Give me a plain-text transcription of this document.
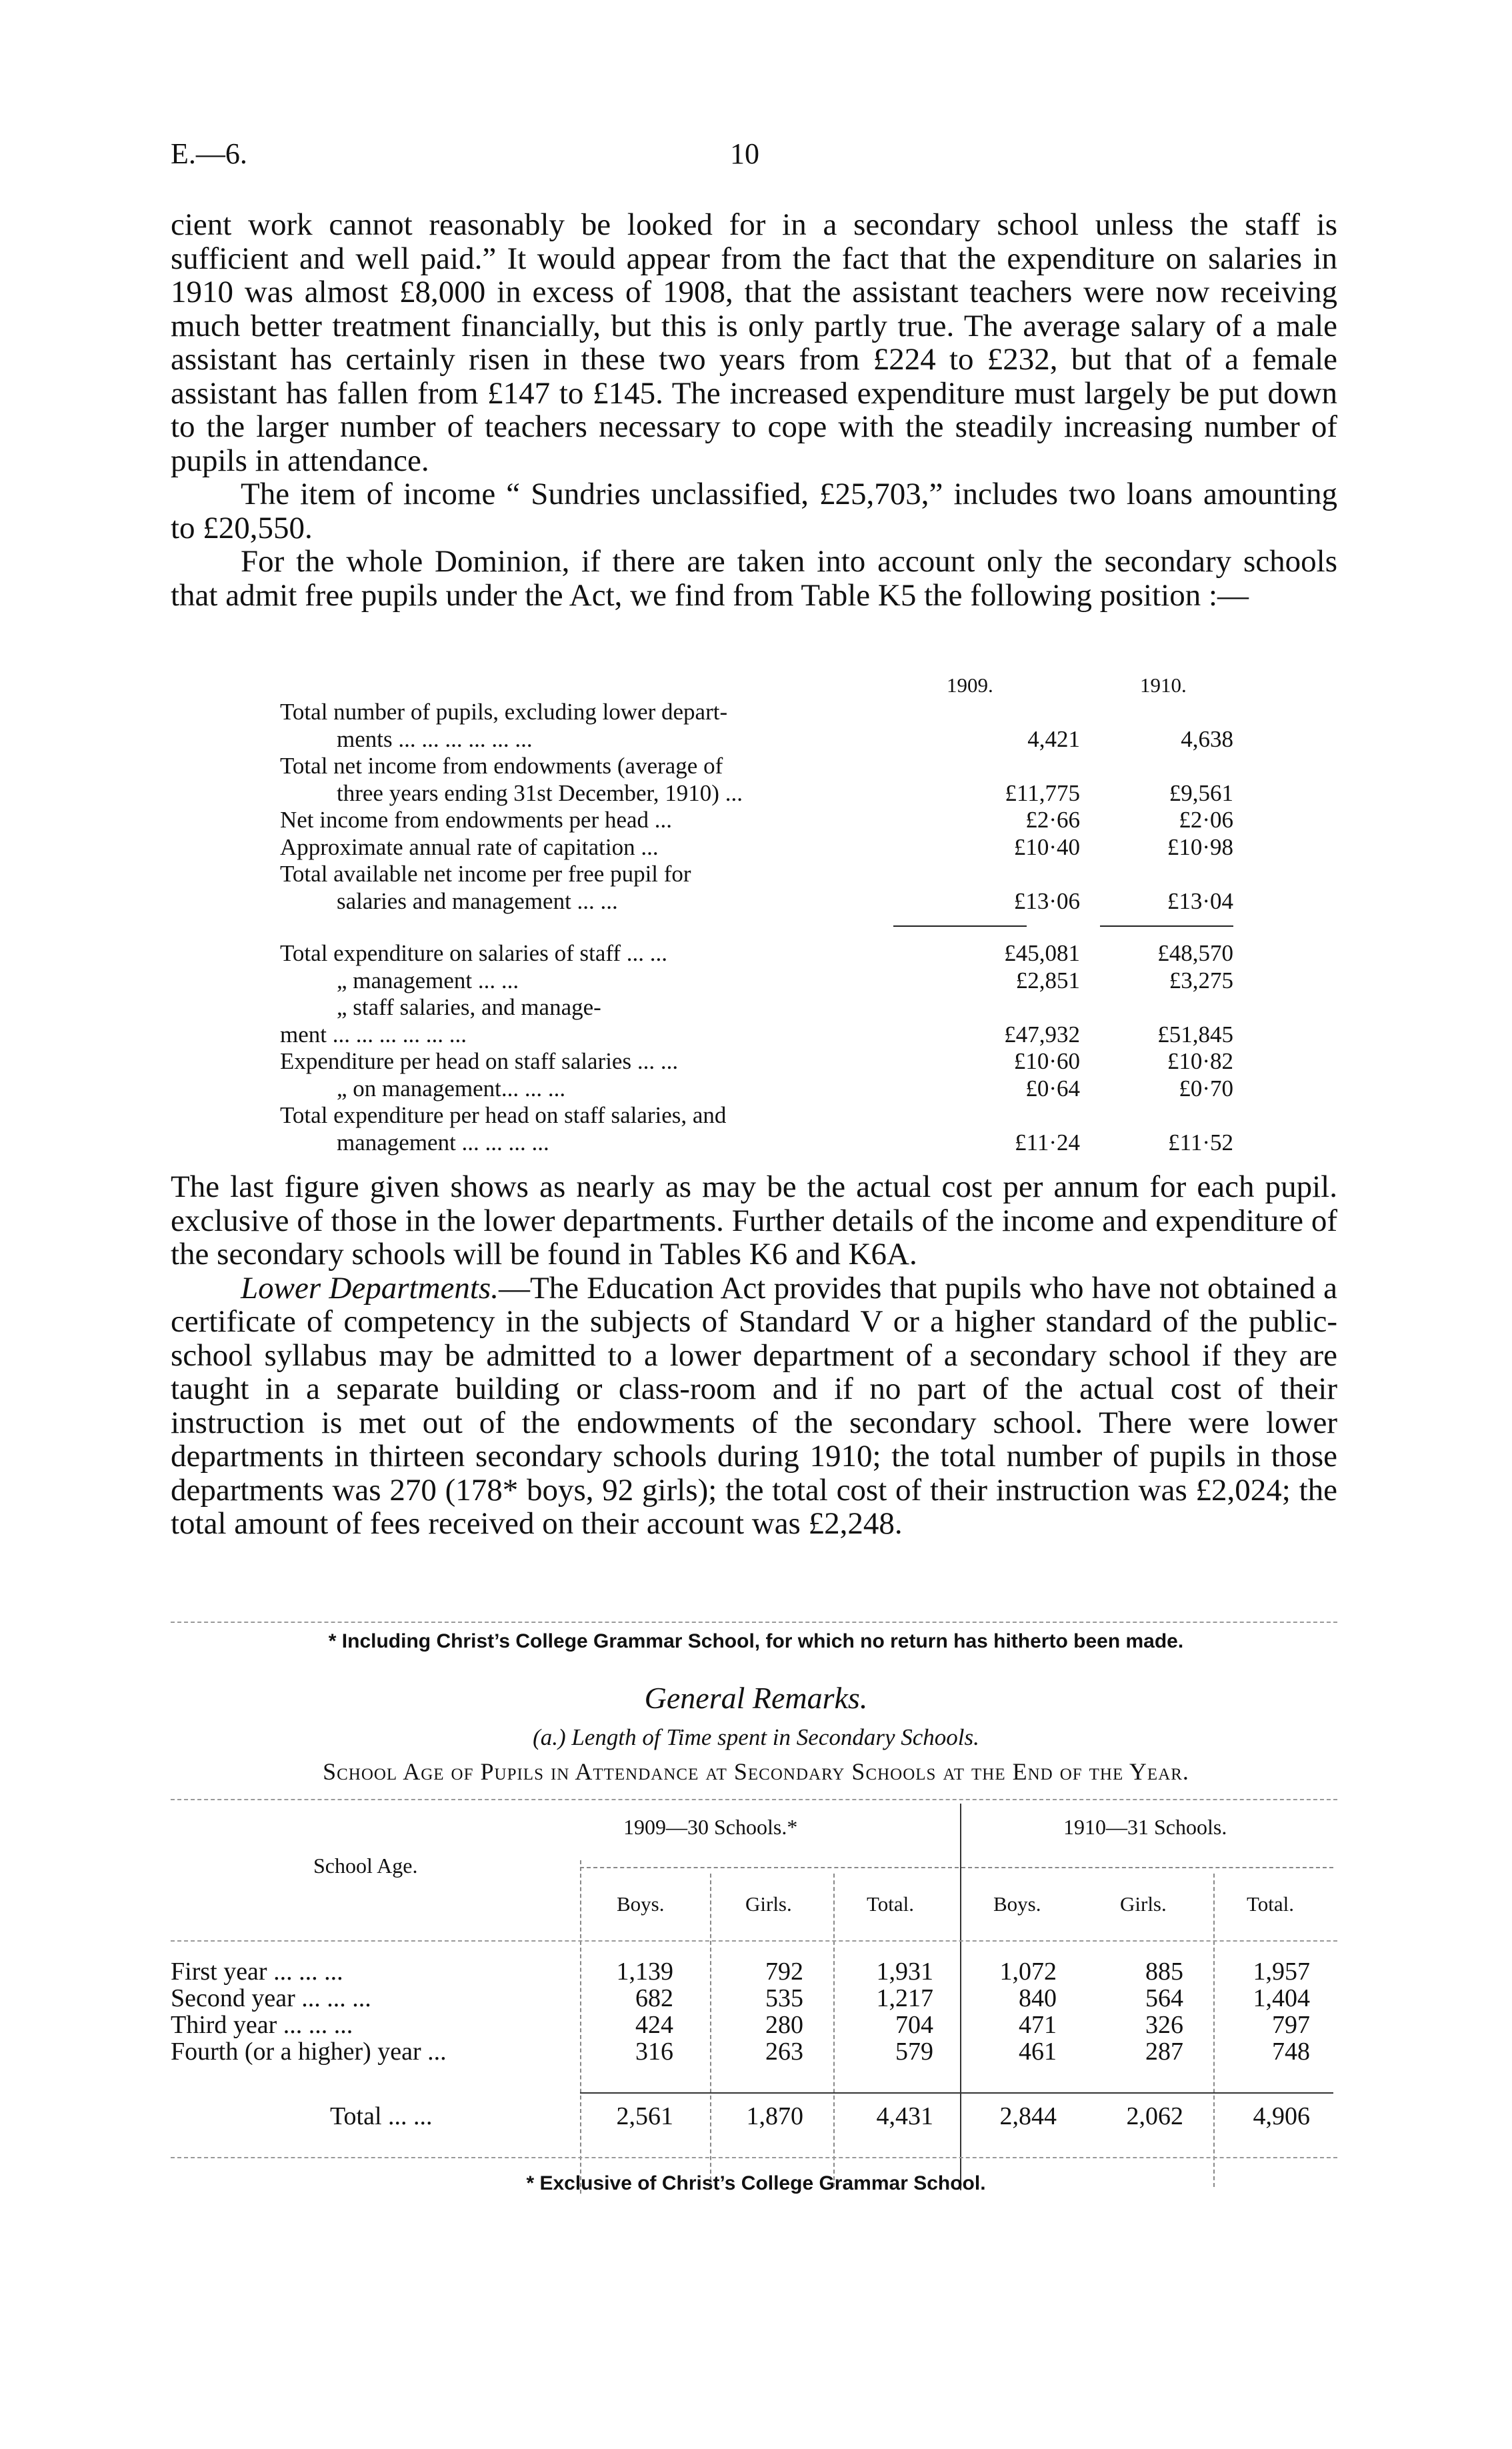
E.—6.	10

cient work cannot reasonably be looked for in a secondary school unless the staff is sufficient and well paid.” It would appear from the fact that the expenditure on salaries in 1910 was almost £8,000 in excess of 1908, that the assistant teachers were now receiving much better treatment financially, but this is only partly true. The average salary of a male assistant has certainly risen in these two years from £224 to £232, but that of a female assistant has fallen from £147 to £145. The increased expenditure must largely be put down to the larger number of teachers necessary to cope with the steadily increasing number of pupils in attendance.

The item of income “ Sundries unclassified, £25,703,” includes two loans amounting to £20,550.

For the whole Dominion, if there are taken into account only the secondary schools that admit free pupils under the Act, we find from Table K5 the following position :—

1909.	1910.
Total number of pupils, excluding lower depart-
ments ... ... ... ... ... ...	4,421	4,638
Total net income from endowments (average of
three years ending 31st December, 1910) ...	£11,775	£9,561
Net income from endowments per head ...	£2·66	£2·06
Approximate annual rate of capitation ...	£10·40	£10·98
Total available net income per free pupil for
salaries and management ... ...	£13·06	£13·04
Total expenditure on salaries of staff ... ...	£45,081	£48,570
„ management ... ...	£2,851	£3,275
„ staff salaries, and manage-
ment ... ... ... ... ... ...	£47,932	£51,845
Expenditure per head on staff salaries ... ...	£10·60	£10·82
„ on management... ... ...	£0·64	£0·70
Total expenditure per head on staff salaries, and
management ... ... ... ...	£11·24	£11·52

The last figure given shows as nearly as may be the actual cost per annum for each pupil. exclusive of those in the lower departments. Further details of the income and expenditure of the secondary schools will be found in Tables K6 and K6A.

Lower Departments.—The Education Act provides that pupils who have not obtained a certificate of competency in the subjects of Standard V or a higher standard of the public-school syllabus may be admitted to a lower department of a secondary school if they are taught in a separate building or class-room and if no part of the actual cost of their instruction is met out of the endowments of the secondary school. There were lower departments in thirteen secondary schools during 1910; the total number of pupils in those departments was 270 (178* boys, 92 girls); the total cost of their instruction was £2,024; the total amount of fees received on their account was £2,248.

* Including Christ’s College Grammar School, for which no return has hitherto been made.
General Remarks.
(a.) Length of Time spent in Secondary Schools.
School Age of Pupils in Attendance at Secondary Schools at the End of the Year.
School Age.
1909—30 Schools.*	1910—31 Schools.
Boys.	Girls.	Total.	Boys.	Girls.	Total.
First year ... ... ...	1,139	792	1,931	1,072	885	1,957
Second year ... ... ...	682	535	1,217	840	564	1,404
Third year ... ... ...	424	280	704	471	326	797
Fourth (or a higher) year ...	316	263	579	461	287	748
Total ... ...	2,561	1,870	4,431	2,844	2,062	4,906
* Exclusive of Christ’s College Grammar School.
